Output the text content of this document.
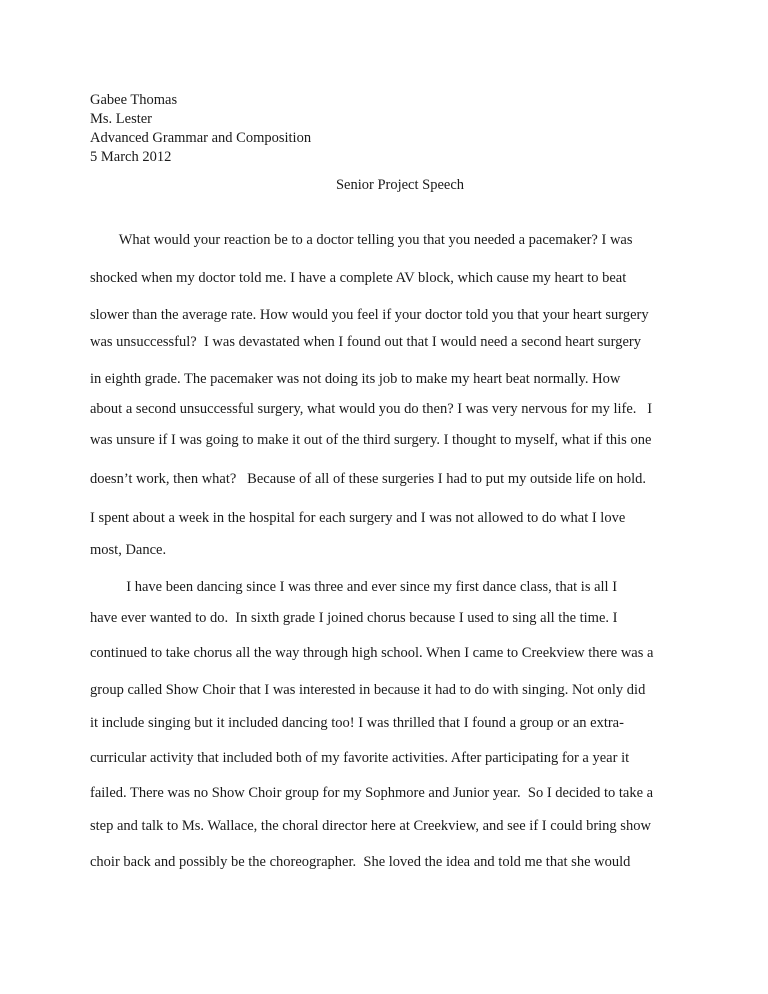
Gabee Thomas
Ms. Lester
Advanced Grammar and Composition
5 March 2012
Senior Project Speech
What would your reaction be to a doctor telling you that you needed a pacemaker? I was
shocked when my doctor told me. I have a complete AV block, which cause my heart to beat
slower than the average rate. How would you feel if your doctor told you that your heart surgery
was unsuccessful?  I was devastated when I found out that I would need a second heart surgery
in eighth grade. The pacemaker was not doing its job to make my heart beat normally. How
about a second unsuccessful surgery, what would you do then? I was very nervous for my life.   I
was unsure if I was going to make it out of the third surgery. I thought to myself, what if this one
doesn’t work, then what?   Because of all of these surgeries I had to put my outside life on hold.
I spent about a week in the hospital for each surgery and I was not allowed to do what I love
most, Dance.
I have been dancing since I was three and ever since my first dance class, that is all I
have ever wanted to do.  In sixth grade I joined chorus because I used to sing all the time. I
continued to take chorus all the way through high school. When I came to Creekview there was a
group called Show Choir that I was interested in because it had to do with singing. Not only did
it include singing but it included dancing too! I was thrilled that I found a group or an extra-
curricular activity that included both of my favorite activities. After participating for a year it
failed. There was no Show Choir group for my Sophmore and Junior year.  So I decided to take a
step and talk to Ms. Wallace, the choral director here at Creekview, and see if I could bring show
choir back and possibly be the choreographer.  She loved the idea and told me that she would
